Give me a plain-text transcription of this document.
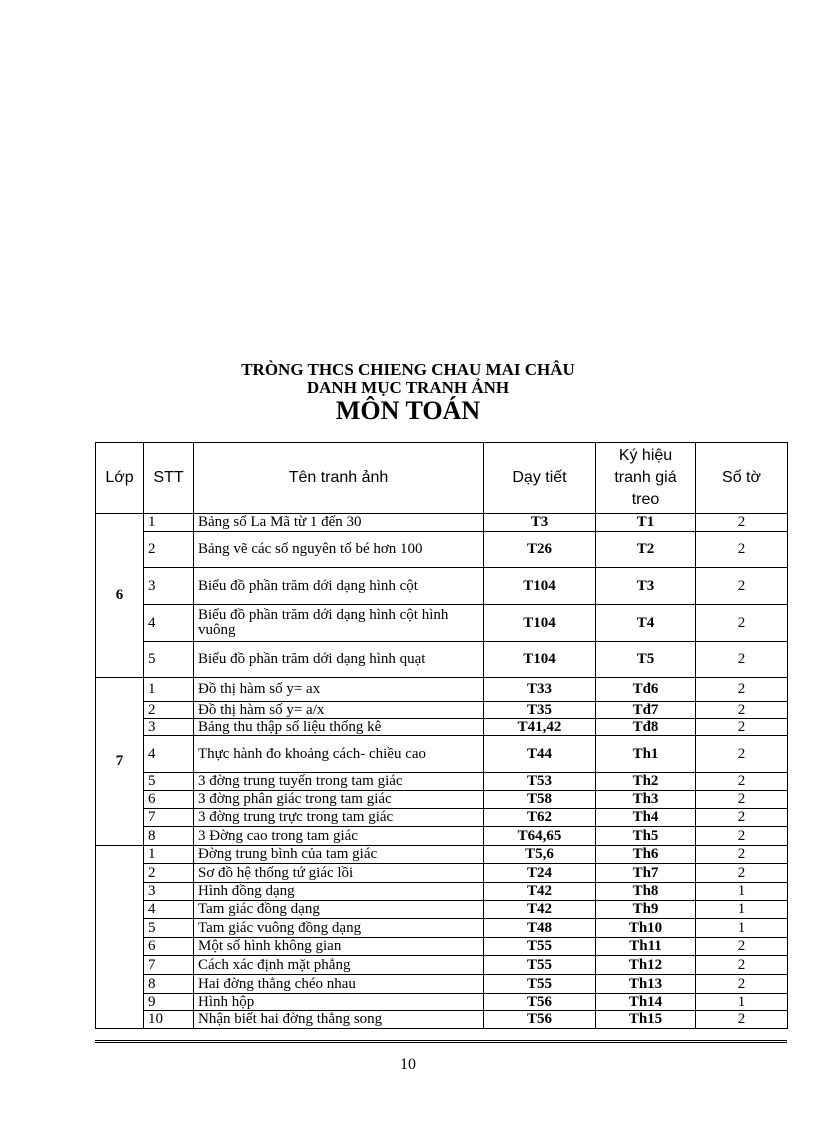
TRÒNG THCS CHIENG CHAU MAI CHÂU
DANH MỤC TRANH ẢNH
MÔN TOÁN
Lớp	STT	Tên tranh ảnh	Dạy tiết	Ký hiệu tranh giá treo	Số tờ
6	1	Bảng số La Mã từ 1 đến 30	T3	T1	2
	2	Bảng vẽ các số nguyên tố bé hơn 100	T26	T2	2
	3	Biểu đồ phần trăm dới dạng hình cột	T104	T3	2
	4	Biểu đồ phần trăm dới dạng hình cột hình vuông	T104	T4	2
	5	Biểu đồ phần trăm dới dạng hình quạt	T104	T5	2
7	1	Đồ thị hàm số y= ax	T33	Tđ6	2
	2	Đồ thị hàm số y= a/x	T35	Tđ7	2
	3	Bảng thu thập số liệu thống kê	T41,42	Tđ8	2
	4	Thực hành đo khoảng cách- chiều cao	T44	Th1	2
	5	3 đờng trung tuyến trong tam giác	T53	Th2	2
	6	3 đờng phân giác trong tam giác	T58	Th3	2
	7	3 đờng trung trực trong tam giác	T62	Th4	2
	8	3 Đờng cao trong tam giác	T64,65	Th5	2
	1	Đờng trung bình của tam giác	T5,6	Th6	2
	2	Sơ đồ hệ thống tứ giác lồi	T24	Th7	2
	3	Hình đồng dạng	T42	Th8	1
	4	Tam giác đồng dạng	T42	Th9	1
	5	Tam giác vuông đồng dạng	T48	Th10	1
	6	Một số hình không gian	T55	Th11	2
	7	Cách xác định mặt phẳng	T55	Th12	2
	8	Hai đờng thẳng chéo nhau	T55	Th13	2
	9	Hình hộp	T56	Th14	1
	10	Nhận biết hai đờng thẳng song	T56	Th15	2
10
